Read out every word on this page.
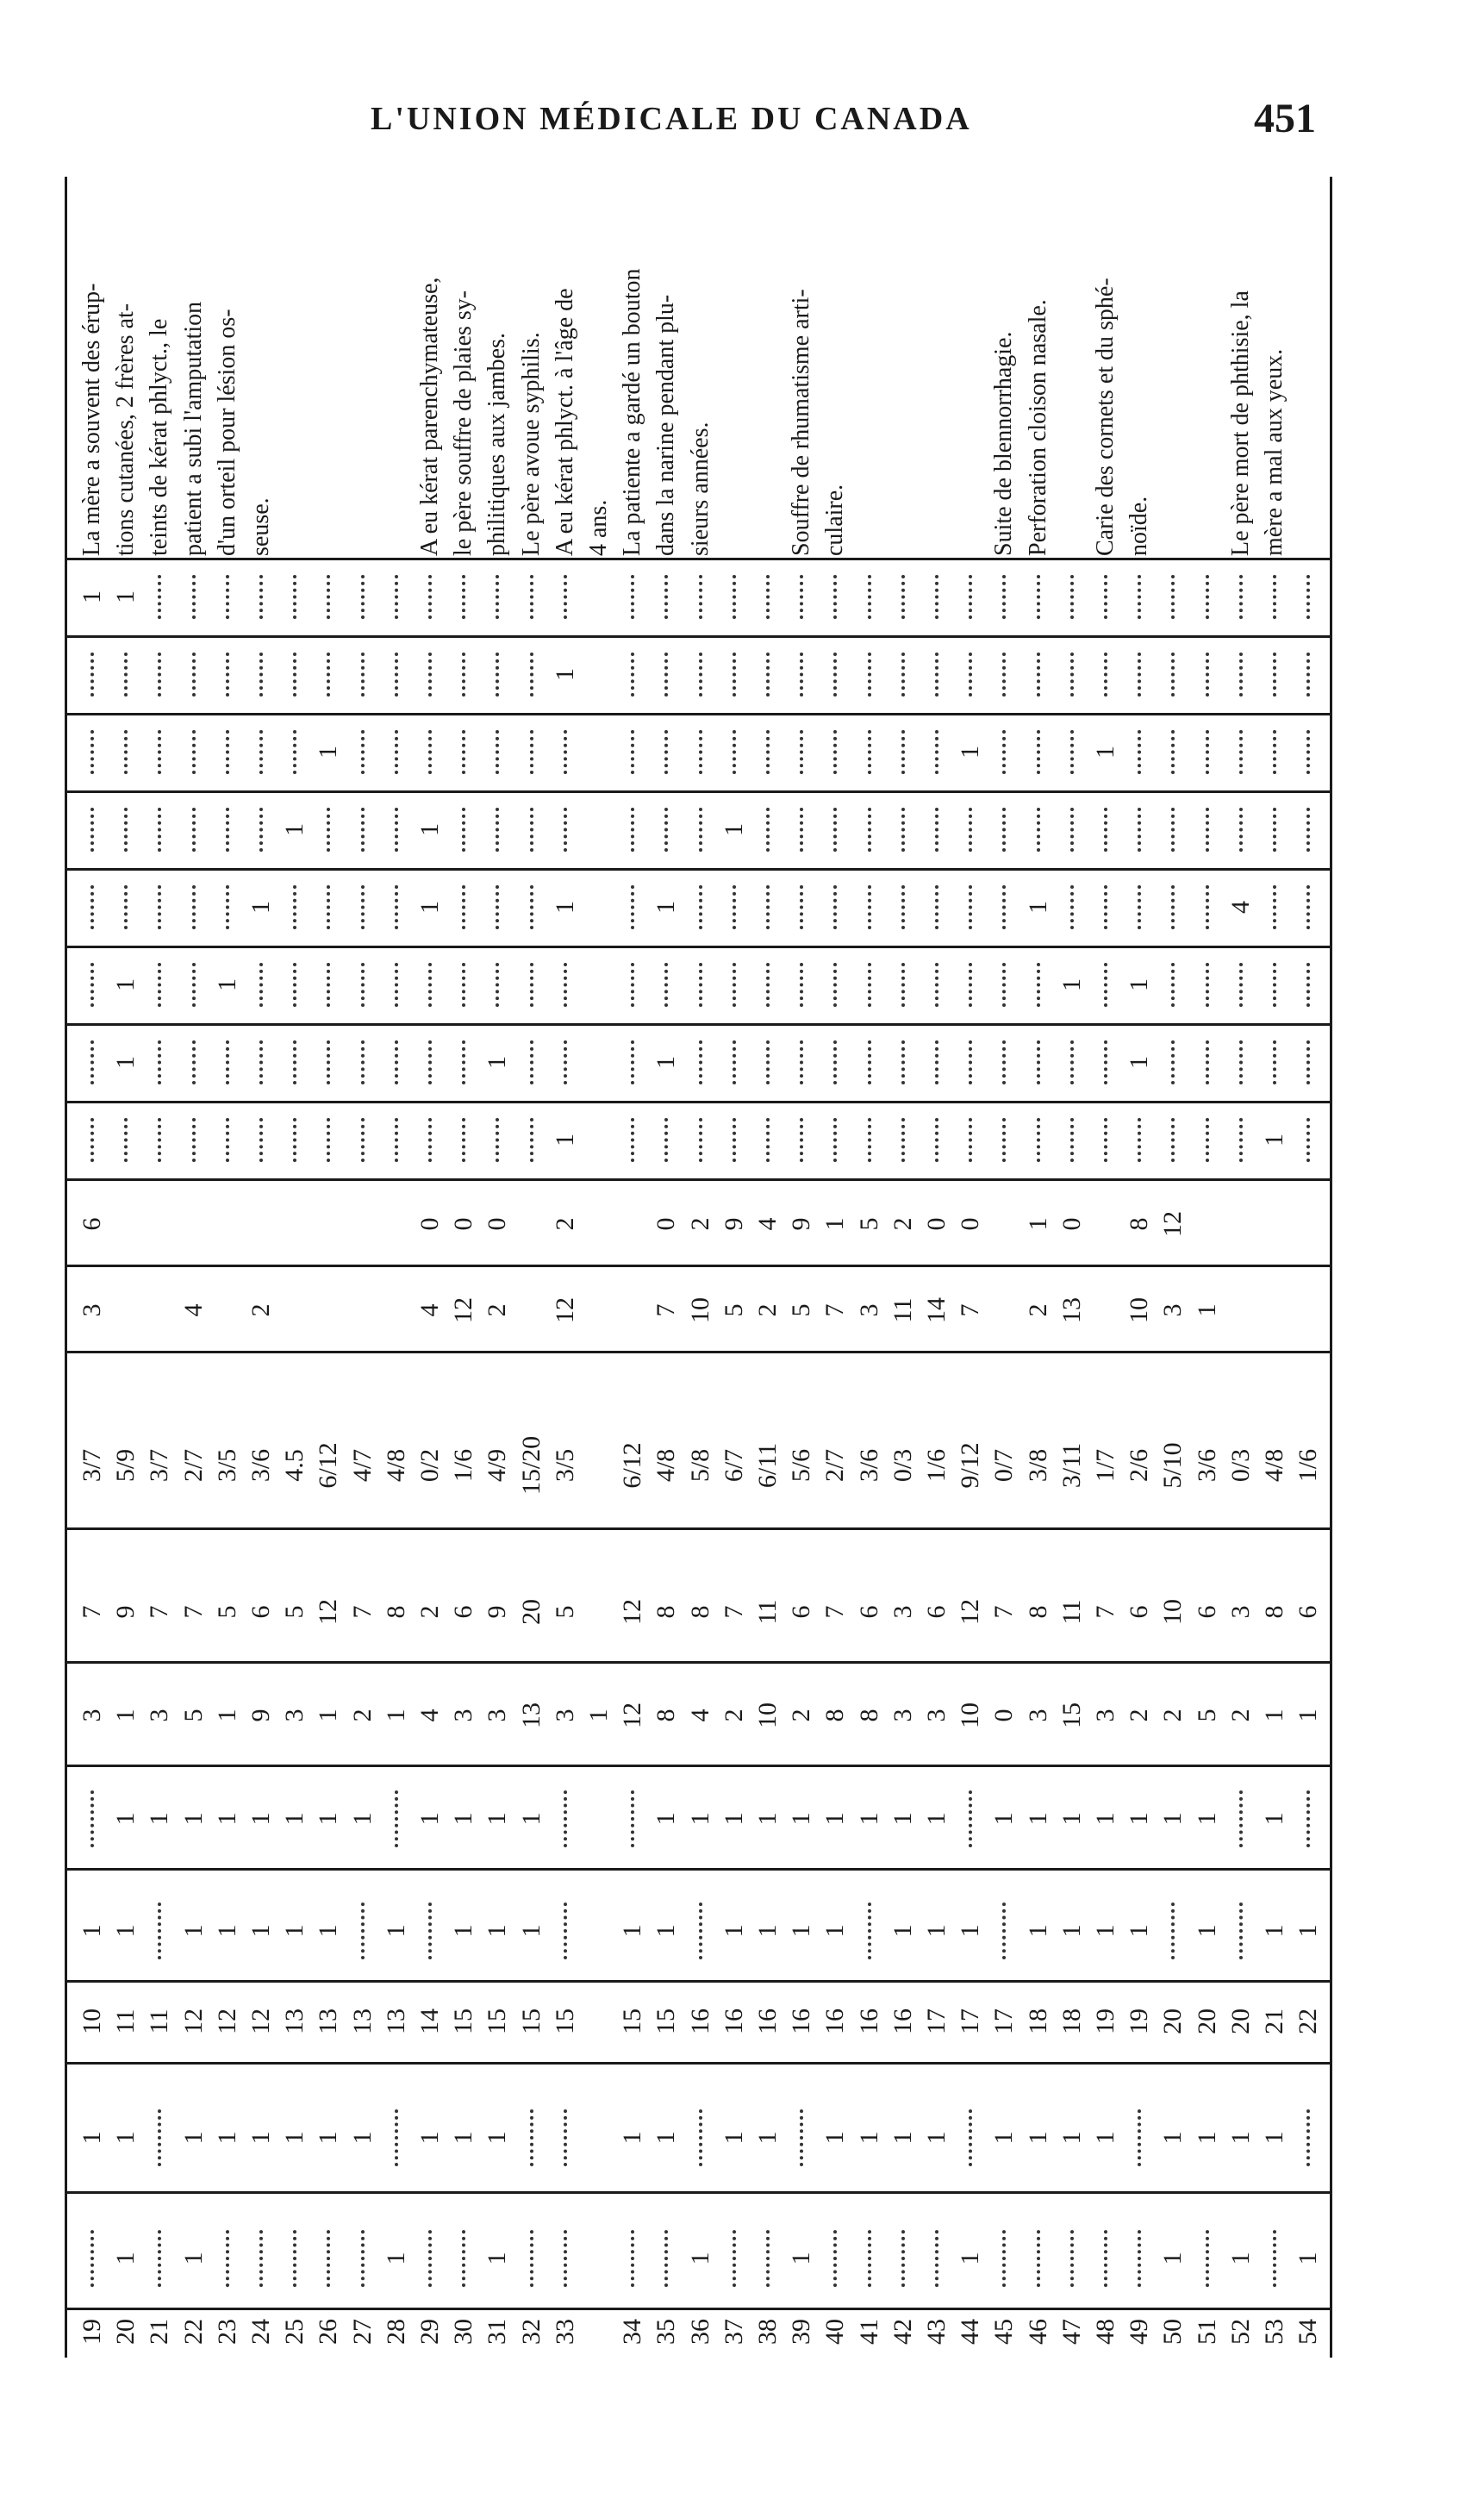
L'UNION MÉDICALE DU CANADA	451
19
1
10
1
3
7
3/7
3
6
1
La mère a souvent des érup-
20
1
1
11
1
1
1
9
5/9
1
1
1
tions cutanées, 2 frères at-
21
11
1
3
7
3/7
teints de kérat phlyct., le
22
1
1
12
1
1
5
7
2/7
4
patient a subi l'amputation
23
1
12
1
1
1
5
3/5
1
d'un orteil pour lésion os-
24
1
12
1
1
9
6
3/6
2
1
seuse.
25
1
13
1
1
3
5
4.5
1
26
1
13
1
1
1
12
6/12
1
27
1
13
1
2
7
4/7
28
1
13
1
1
8
4/8
29
1
14
1
4
2
0/2
4
0
1
1
A eu kérat parenchymateuse,
30
1
15
1
1
3
6
1/6
12
0
le père souffre de plaies sy-
31
1
1
15
1
1
3
9
4/9
2
0
1
philitiques aux jambes.
32
15
1
1
13
20
15/20
Le père avoue syphilis.
33
15
3
5
3/5
12
2
1
1
1
A eu kérat phlyct. à l'âge de
1
4 ans.
34
1
15
1
12
12
6/12
La patiente a gardé un bouton
35
1
15
1
1
8
8
4/8
7
0
1
1
dans la narine pendant plu-
36
1
16
1
4
8
5/8
10
2
sieurs années.
37
1
16
1
1
2
7
6/7
5
9
1
38
1
16
1
1
10
11
6/11
2
4
39
1
16
1
1
2
6
5/6
5
9
Souffre de rhumatisme arti-
40
1
16
1
1
8
7
2/7
7
1
culaire.
41
1
16
1
8
6
3/6
3
5
42
1
16
1
1
3
3
0/3
11
2
43
1
17
1
1
3
6
1/6
14
0
44
1
17
1
10
12
9/12
7
0
1
45
1
17
1
0
7
0/7
Suite de blennorrhagie.
46
1
18
1
1
3
8
3/8
2
1
1
Perforation cloison nasale.
47
1
18
1
1
15
11
3/11
13
0
1
48
1
19
1
1
3
7
1/7
1
Carie des cornets et du sphé-
49
19
1
1
2
6
2/6
10
8
1
1
noïde.
50
1
1
20
1
2
10
5/10
3
12
51
1
20
1
1
5
6
3/6
1
52
1
1
20
2
3
0/3
4
Le père mort de phthisie, la
53
1
21
1
1
1
8
4/8
1
mère a mal aux yeux.
54
1
22
1
1
6
1/6
